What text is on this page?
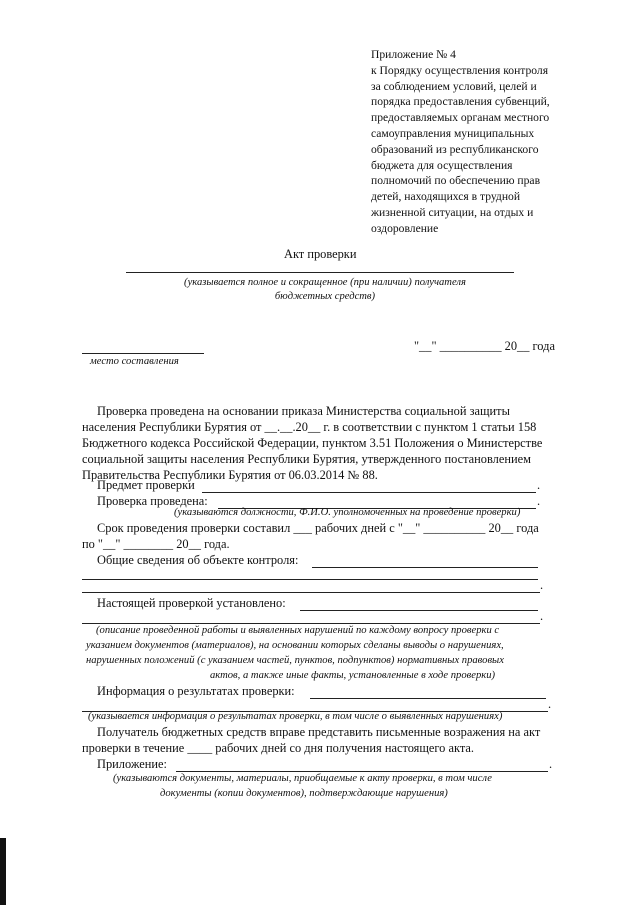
Приложение № 4
к Порядку осуществления контроля
за соблюдением условий, целей и
порядка предоставления субвенций,
предоставляемых органам местного
самоуправления муниципальных
образований из республиканского
бюджета для осуществления
полномочий по обеспечению прав
детей, находящихся в трудной
жизненной ситуации, на отдых и
оздоровление
Акт проверки
(указывается полное и сокращенное (при наличии) получателя
бюджетных средств)
место составления
"__" __________ 20__ года
Проверка проведена на основании приказа Министерства социальной защиты
населения Республики Бурятия от __.__.20__ г. в соответствии с пунктом 1 статьи 158
Бюджетного кодекса Российской Федерации, пунктом 3.51 Положения о Министерстве
социальной защиты населения Республики Бурятия, утвержденного постановлением
Правительства Республики Бурятия от 06.03.2014 № 88.
Предмет проверки	.
Проверка проведена:	.
(указываются должности, Ф.И.О. уполномоченных на проведение проверки)
Срок проведения проверки составил ___ рабочих дней с "__" __________ 20__ года
по "__" ________ 20__ года.
Общие сведения об объекте контроля:
.
Настоящей проверкой установлено:
.
(описание проведенной работы и выявленных нарушений по каждому вопросу проверки с
указанием документов (материалов), на основании которых сделаны выводы о нарушениях,
нарушенных положений (с указанием частей, пунктов, подпунктов) нормативных правовых
актов, а также иные факты, установленные в ходе проверки)
Информация о результатах проверки:
.
(указывается информация о результатах проверки, в том числе о выявленных нарушениях)
Получатель бюджетных средств вправе представить письменные возражения на акт
проверки в течение ____ рабочих дней со дня получения настоящего акта.
Приложение:	.
(указываются документы, материалы, приобщаемые к акту проверки, в том числе
документы (копии документов), подтверждающие нарушения)
